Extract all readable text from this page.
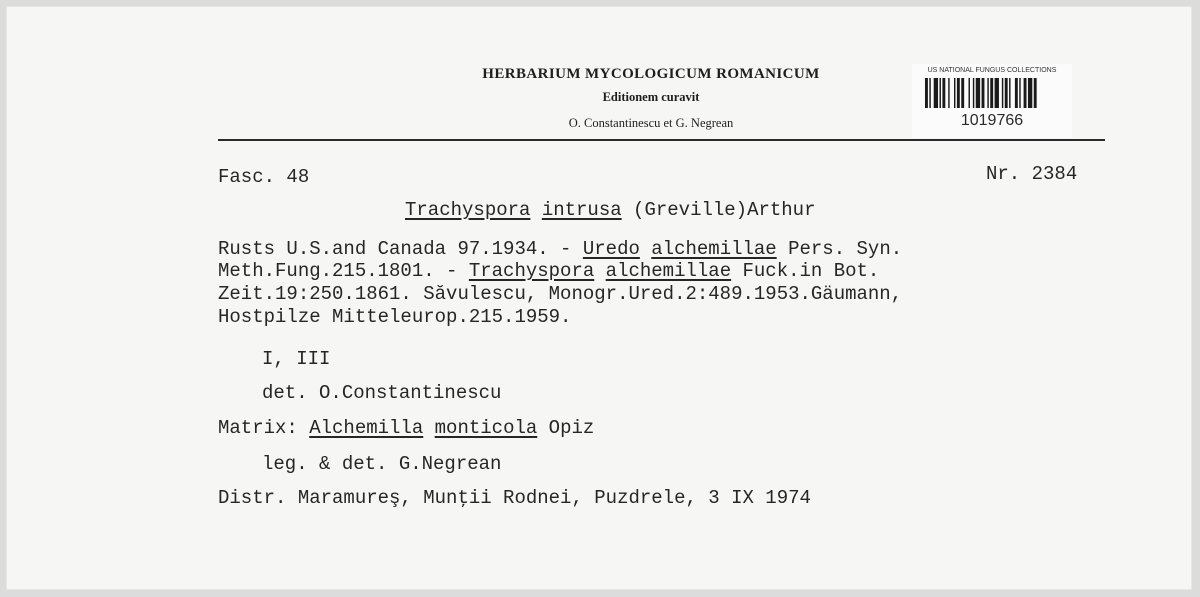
HERBARIUM MYCOLOGICUM ROMANICUM
Editionem curavit
O. Constantinescu et G. Negrean
US NATIONAL FUNGUS COLLECTIONS
1019766
Fasc. 48	Nr. 2384
Trachyspora intrusa (Greville)Arthur
Rusts U.S.and Canada 97.1934. - Uredo alchemillae Pers. Syn.
Meth.Fung.215.1801. - Trachyspora alchemillae Fuck.in Bot.
Zeit.19:250.1861. Săvulescu, Monogr.Ured.2:489.1953.Gäumann,
Hostpilze Mitteleurop.215.1959.
I, III
det. O.Constantinescu
Matrix: Alchemilla monticola Opiz
leg. & det. G.Negrean
Distr. Maramureş, Munţii Rodnei, Puzdrele, 3 IX 1974
